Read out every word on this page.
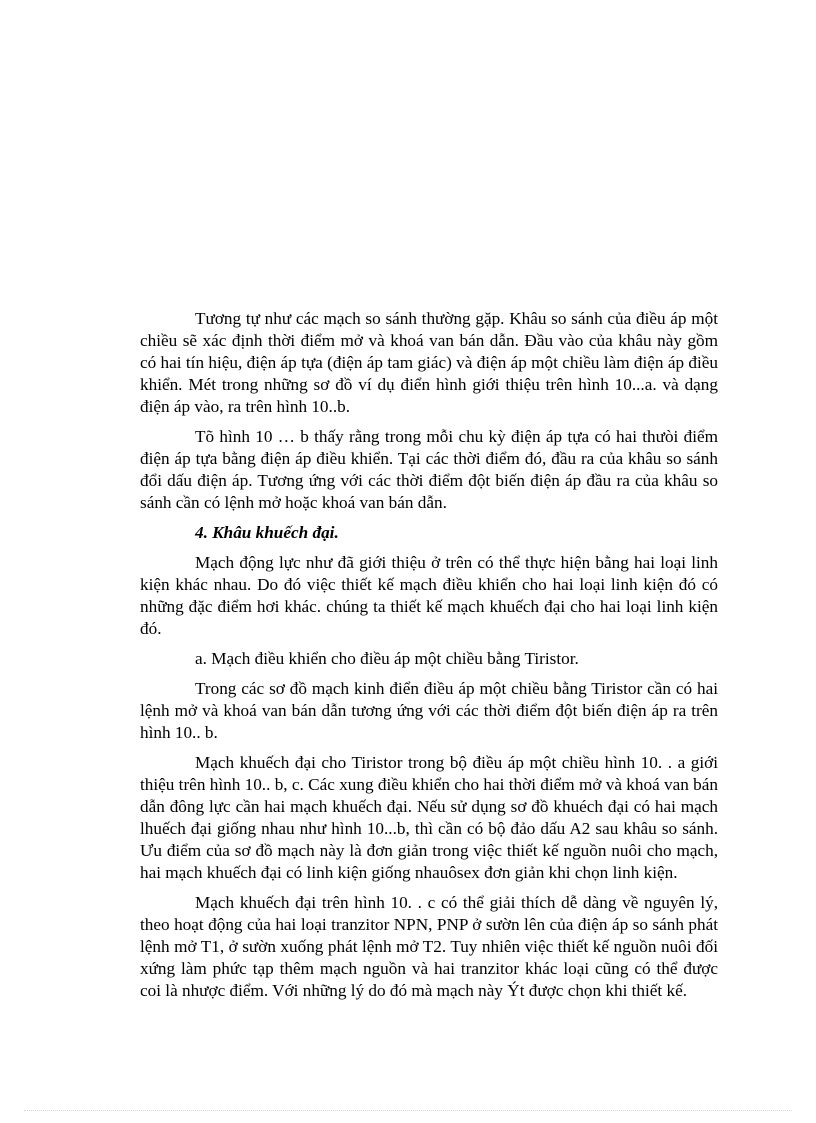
Tương tự như các mạch so sánh thường gặp. Khâu so sánh của điều áp một chiều sẽ xác định thời điểm mở và khoá van bán dẫn. Đầu vào của khâu này gồm có hai tín hiệu, điện áp tựa (điện áp tam giác) và điện áp một chiều làm điện áp điều khiển. Mét trong những sơ đồ ví dụ điển hình giới thiệu trên hình 10...a. và dạng điện áp vào, ra trên hình 10..b.

Tõ hình 10 … b thấy rằng trong mỗi chu kỳ điện áp tựa có hai thưòi điểm điện áp tựa bằng điện áp điều khiển. Tại các thời điểm đó, đầu ra của khâu so sánh đổi dấu điện áp. Tương ứng với các thời điểm đột biến điện áp đầu ra của khâu so sánh cần có lệnh mở hoặc khoá van bán dẫn.

4. Khâu khuếch đại.

Mạch động lực như đã giới thiệu ở trên có thể thực hiện bằng hai loại linh kiện khác nhau. Do đó việc thiết kế mạch điều khiển cho hai loại linh kiện đó có những đặc điểm hơi khác. chúng ta thiết kế mạch khuếch đại cho hai loại linh kiện đó.

a. Mạch điều khiển cho điều áp một chiều bằng Tiristor.

Trong các sơ đồ mạch kinh điển điều áp một chiều bằng Tiristor cần có hai lệnh mở và khoá van bán dẫn tương ứng với các thời điểm đột biến điện áp ra trên hình 10.. b.

Mạch khuếch đại cho Tiristor trong bộ điều áp một chiều hình 10. . a giới thiệu trên hình 10.. b, c. Các xung điều khiển cho hai thời điểm mở và khoá van bán dẫn đông lực cần hai mạch khuếch đại. Nếu sử dụng sơ đồ khuéch đại có hai mạch lhuếch đại giống nhau như hình 10...b, thì cần có bộ đảo dấu A2 sau khâu so sánh. Ưu điểm của sơ đồ mạch này là đơn giản trong việc thiết kế nguồn nuôi cho mạch, hai mạch khuếch đại có linh kiện giống nhauôsex đơn giản khi chọn linh kiện.

Mạch khuếch đại trên hình 10. . c có thể giải thích dễ dàng về nguyên lý, theo hoạt động của hai loại tranzitor NPN, PNP ở sườn lên của điện áp so sánh phát lệnh mở T1, ở sườn xuống phát lệnh mở T2. Tuy nhiên việc thiết kế nguồn nuôi đối xứng làm phức tạp thêm mạch nguồn và hai tranzitor khác loại cũng có thể được coi là nhược điểm. Với những lý do đó mà mạch này Ýt được chọn khi thiết kế.
